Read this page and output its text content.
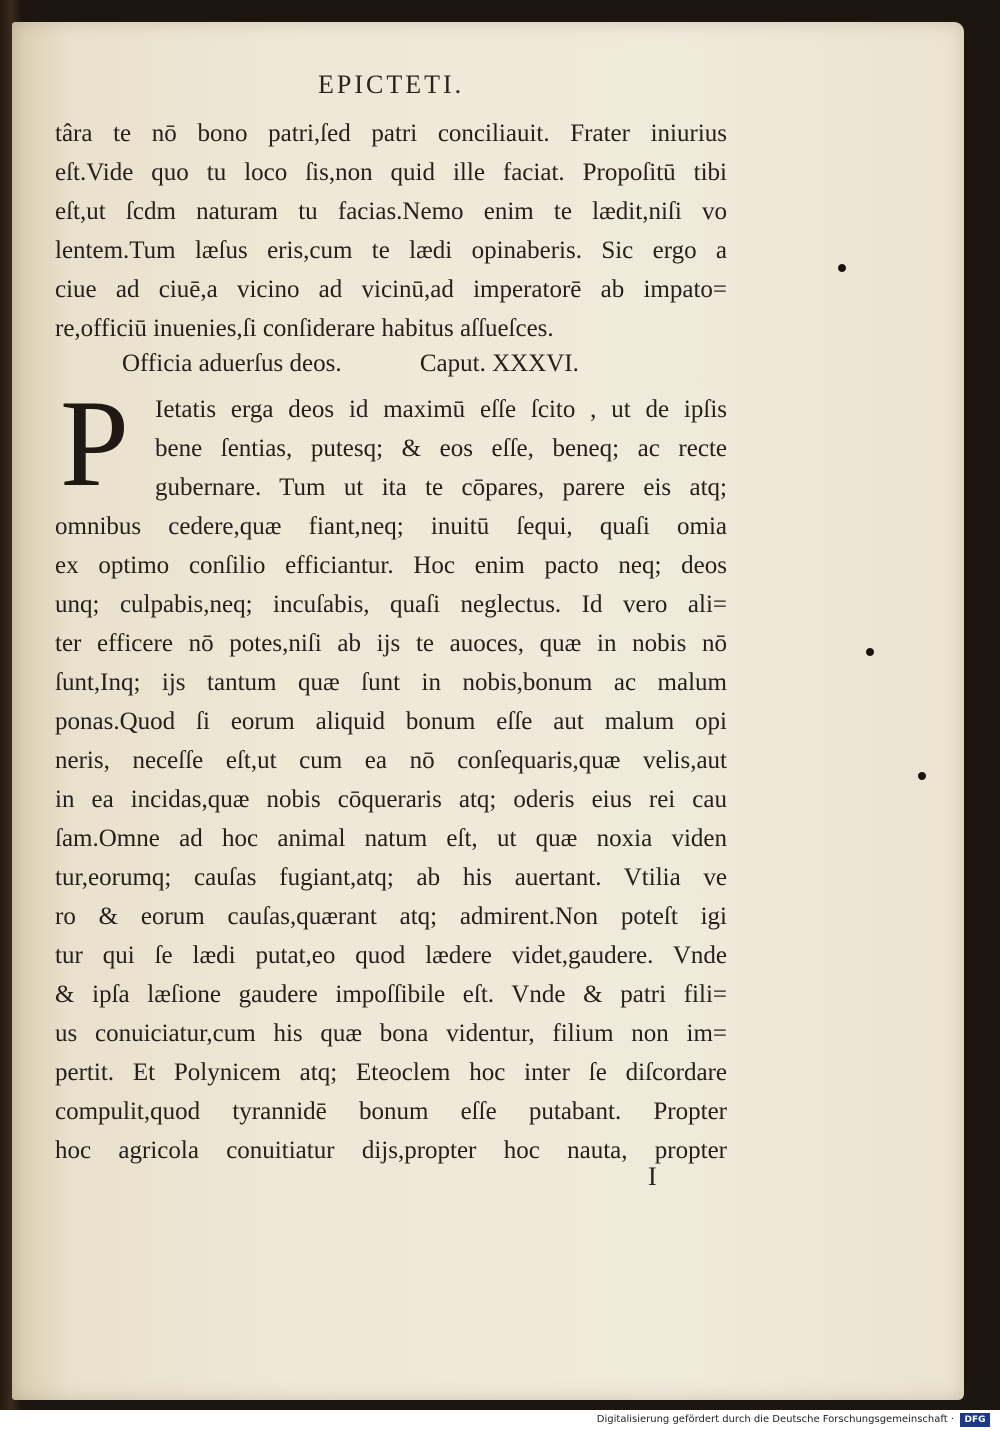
EPICTETI.
târa te nō bono patri,ſed patri conciliauit. Frater iniurius
eſt.Vide quo tu loco ſis,non quid ille faciat. Propoſitū tibi
eſt,ut ſcdm naturam tu facias.Nemo enim te lædit,niſi vo
lentem.Tum læſus eris,cum te lædi opinaberis. Sic ergo a
ciue ad ciuē,a vicino ad vicinū,ad imperatorē ab impato=
re,officiū inuenies,ſi conſiderare habitus aſſueſces.
Officia aduerſus deos.	Caput. XXXVI.
P Ietatis erga deos id maximū eſſe ſcito , ut de ipſis
bene ſentias, putesq; & eos eſſe, beneq; ac recte
gubernare. Tum ut ita te cōpares, parere eis atq;
omnibus cedere,quæ fiant,neq; inuitū ſequi, quaſi omia
ex optimo conſilio efficiantur. Hoc enim pacto neq; deos
unq; culpabis,neq; incuſabis, quaſi neglectus. Id vero ali=
ter efficere nō potes,niſi ab ijs te auoces, quæ in nobis nō
ſunt,Inq; ijs tantum quæ ſunt in nobis,bonum ac malum
ponas.Quod ſi eorum aliquid bonum eſſe aut malum opi
neris, neceſſe eſt,ut cum ea nō conſequaris,quæ velis,aut
in ea incidas,quæ nobis cōqueraris atq; oderis eius rei cau
ſam.Omne ad hoc animal natum eſt, ut quæ noxia viden
tur,eorumq; cauſas fugiant,atq; ab his auertant. Vtilia ve
ro & eorum cauſas,quærant atq; admirent.Non poteſt igi
tur qui ſe lædi putat,eo quod lædere videt,gaudere. Vnde
& ipſa læſione gaudere impoſſibile eſt. Vnde & patri fili=
us conuiciatur,cum his quæ bona videntur, filium non im=
pertit. Et Polynicem atq; Eteoclem hoc inter ſe diſcordare
compulit,quod tyrannidē bonum eſſe putabant. Propter
hoc agricola conuitiatur dijs,propter hoc nauta, propter
I
Digitalisierung gefördert durch die Deutsche Forschungsgemeinschaft ·	DFG
